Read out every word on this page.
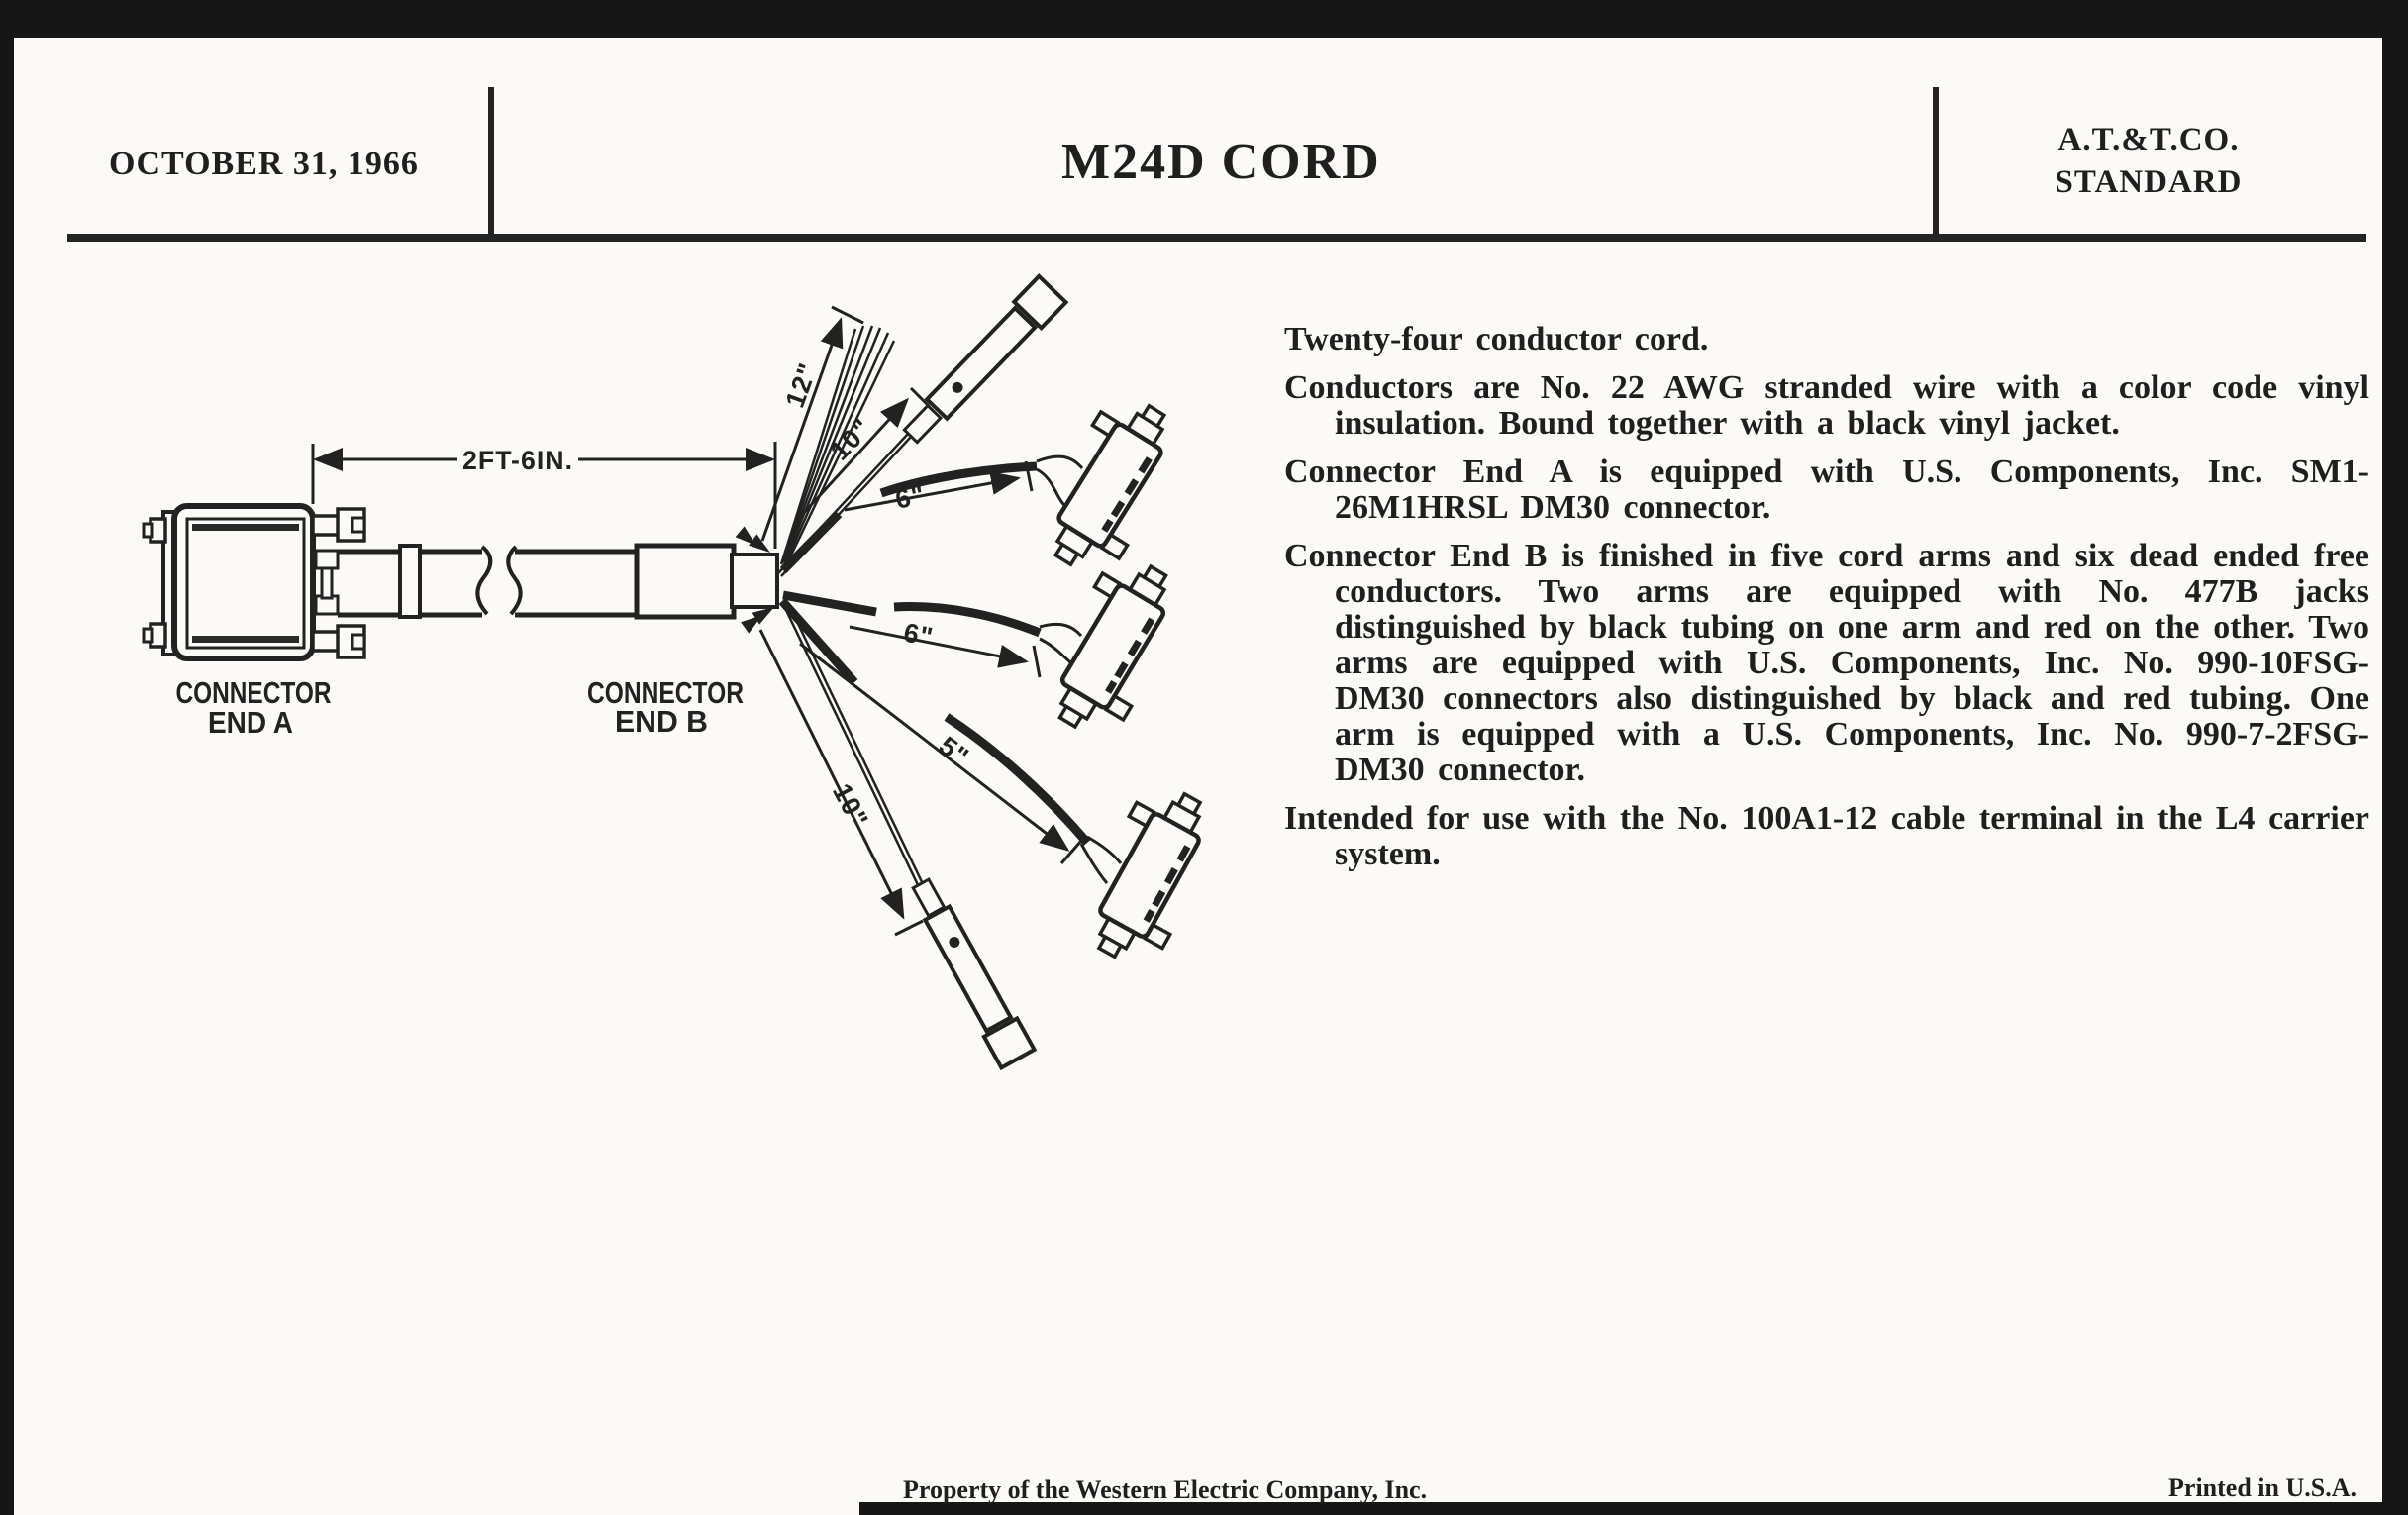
OCTOBER 31, 1966	M24D CORD	A.T.&T.CO.
STANDARD

Twenty-four conductor cord.

Conductors are No. 22 AWG stranded wire with a color code vinyl insulation. Bound together with a black vinyl jacket.

Connector End A is equipped with U.S. Components, Inc. SM1-26M1HRSL DM30 connector.

Connector End B is finished in five cord arms and six dead ended free conductors. Two arms are equipped with No. 477B jacks distinguished by black tubing on one arm and red on the other. Two arms are equipped with U.S. Components, Inc. No. 990-10FSG-DM30 connectors also distinguished by black and red tubing. One arm is equipped with a U.S. Components, Inc. No. 990-7-2FSG-DM30 connector.

Intended for use with the No. 100A1-12 cable terminal in the L4 carrier system.

2FT-6IN.
12"
10"
6"
6"
5"
10"
CONNECTOR
END A
CONNECTOR
END B
Property of the Western Electric Company, Inc.	Printed in U.S.A.
